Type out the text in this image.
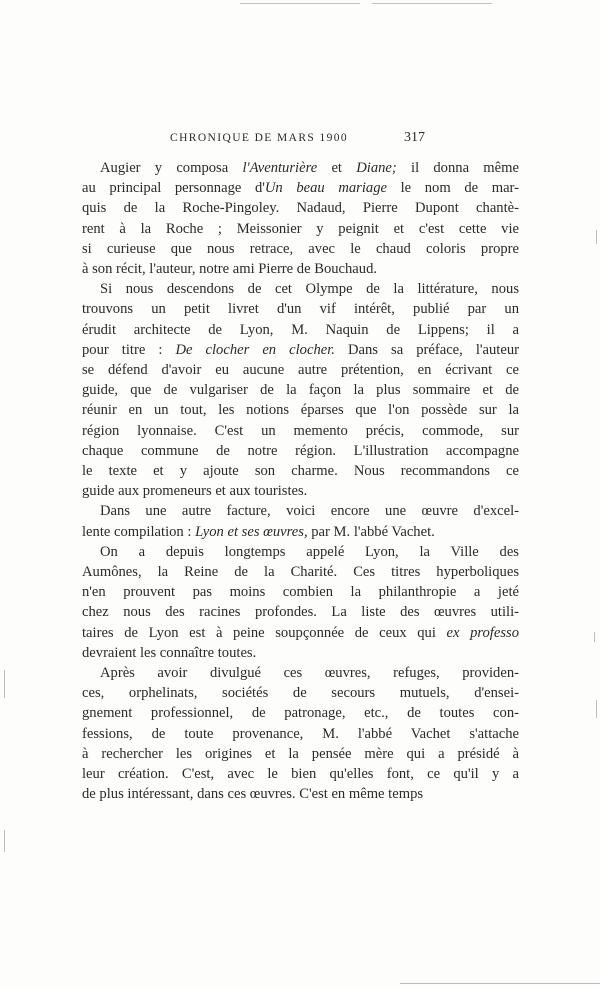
CHRONIQUE DE MARS 1900	317

Augier y composa l'Aventurière et Diane; il donna même
au principal personnage d'Un beau mariage le nom de mar-
quis de la Roche-Pingoley. Nadaud, Pierre Dupont chantè-
rent à la Roche ; Meissonier y peignit et c'est cette vie
si curieuse que nous retrace, avec le chaud coloris propre
à son récit, l'auteur, notre ami Pierre de Bouchaud.

Si nous descendons de cet Olympe de la littérature, nous
trouvons un petit livret d'un vif intérêt, publié par un
érudit architecte de Lyon, M. Naquin de Lippens; il a
pour titre : De clocher en clocher. Dans sa préface, l'auteur
se défend d'avoir eu aucune autre prétention, en écrivant ce
guide, que de vulgariser de la façon la plus sommaire et de
réunir en un tout, les notions éparses que l'on possède sur la
région lyonnaise. C'est un memento précis, commode, sur
chaque commune de notre région. L'illustration accompagne
le texte et y ajoute son charme. Nous recommandons ce
guide aux promeneurs et aux touristes.

Dans une autre facture, voici encore une œuvre d'excel-
lente compilation : Lyon et ses œuvres, par M. l'abbé Vachet.

On a depuis longtemps appelé Lyon, la Ville des
Aumônes, la Reine de la Charité. Ces titres hyperboliques
n'en prouvent pas moins combien la philanthropie a jeté
chez nous des racines profondes. La liste des œuvres utili-
taires de Lyon est à peine soupçonnée de ceux qui ex professo
devraient les connaître toutes.

Après avoir divulgué ces œuvres, refuges, providen-
ces, orphelinats, sociétés de secours mutuels, d'ensei-
gnement professionnel, de patronage, etc., de toutes con-
fessions, de toute provenance, M. l'abbé Vachet s'attache
à rechercher les origines et la pensée mère qui a présidé à
leur création. C'est, avec le bien qu'elles font, ce qu'il y a
de plus intéressant, dans ces œuvres. C'est en même temps
